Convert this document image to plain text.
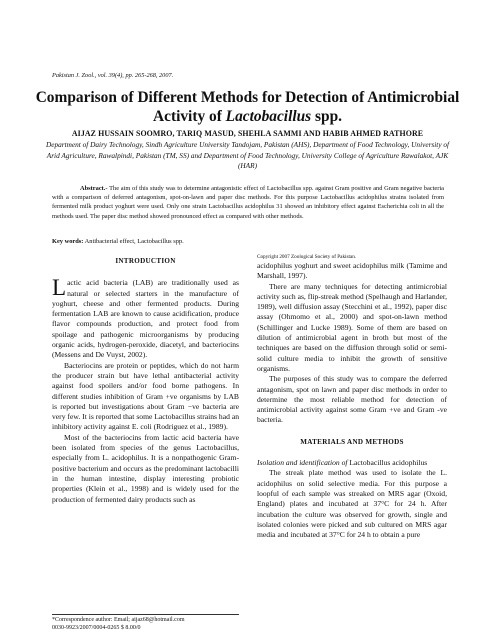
Pakistan J. Zool., vol. 39(4), pp. 265-268, 2007.
Comparison of Different Methods for Detection of Antimicrobial Activity of Lactobacillus spp.

AIJAZ HUSSAIN SOOMRO, TARIQ MASUD, SHEHLA SAMMI AND HABIB AHMED RATHORE

Department of Dairy Technology, Sindh Agriculture University Tandojam, Pakistan (AHS), Department of Food Technology, University of Arid Agriculture, Rawalpindi, Pakistan (TM, SS) and Department of Food Technology, University College of Agriculture Rawalakot, AJK (HAR)

Abstract.- The aim of this study was to determine antagonistic effect of Lactobacillus spp. against Gram positive and Gram negative bacteria with a comparison of deferred antagonism, spot-on-lawn and paper disc methods. For this purpose Lactobacillus acidophilus strains isolated from fermented milk product yoghurt were used. Only one strain Lactobacillus acidophilus 31 showed an inhibitory effect against Escherichia coli in all the methods used. The paper disc method showed pronounced effect as compared with other methods.

Key words: Antibacterial effect, Lactobacillus spp.

INTRODUCTION

Lactic acid bacteria (LAB) are traditionally used as natural or selected starters in the manufacture of yoghurt, cheese and other fermented products. During fermentation LAB are known to cause acidification, produce flavor compounds production, and protect food from spoilage and pathogenic microorganisms by producing organic acids, hydrogen-peroxide, diacetyl, and bacteriocins (Messens and De Vuyst, 2002).

Bacteriocins are protein or peptides, which do not harm the producer strain but have lethal antibacterial activity against food spoilers and/or food borne pathogens. In different studies inhibition of Gram +ve organisms by LAB is reported but investigations about Gram −ve bacteria are very few. It is reported that some Lactobacillus strains had an inhibitory activity against E. coli (Rodriguez et al., 1989).

Most of the bacteriocins from lactic acid bacteria have been isolated from species of the genus Lactobacillus, especially from L. acidophilus. It is a nonpathogenic Gram-positive bacterium and occurs as the predominant lactobacilli in the human intestine, display interesting probiotic properties (Klein et al., 1998) and is widely used for the production of fermented dairy products such as

*Correspondence author: Email; aijaz68@hotmail.com

0030-9923/2007/0004-0265 $ 8.00/0

Copyright 2007 Zoological Society of Pakistan.

acidophilus yoghurt and sweet acidophilus milk (Tamime and Marshall, 1997).

There are many techniques for detecting antimicrobial activity such as, flip-streak method (Spelhaugh and Harlander, 1989), well diffusion assay (Stecchini et al., 1992), paper disc assay (Ohmomo et al., 2000) and spot-on-lawn method (Schillinger and Lucke 1989). Some of them are based on dilution of antimicrobial agent in broth but most of the techniques are based on the diffusion through solid or semi-solid culture media to inhibit the growth of sensitive organisms.

The purposes of this study was to compare the deferred antagonism, spot on lawn and paper disc methods in order to determine the most reliable method for detection of antimicrobial activity against some Gram +ve and Gram -ve bacteria.

MATERIALS AND METHODS

Isolation and identification of Lactobacillus acidophilus

The streak plate method was used to isolate the L. acidophilus on solid selective media. For this purpose a loopful of each sample was streaked on MRS agar (Oxoid, England) plates and incubated at 37°C for 24 h. After incubation the culture was observed for growth, single and isolated colonies were picked and sub cultured on MRS agar media and incubated at 37°C for 24 h to obtain a pure
